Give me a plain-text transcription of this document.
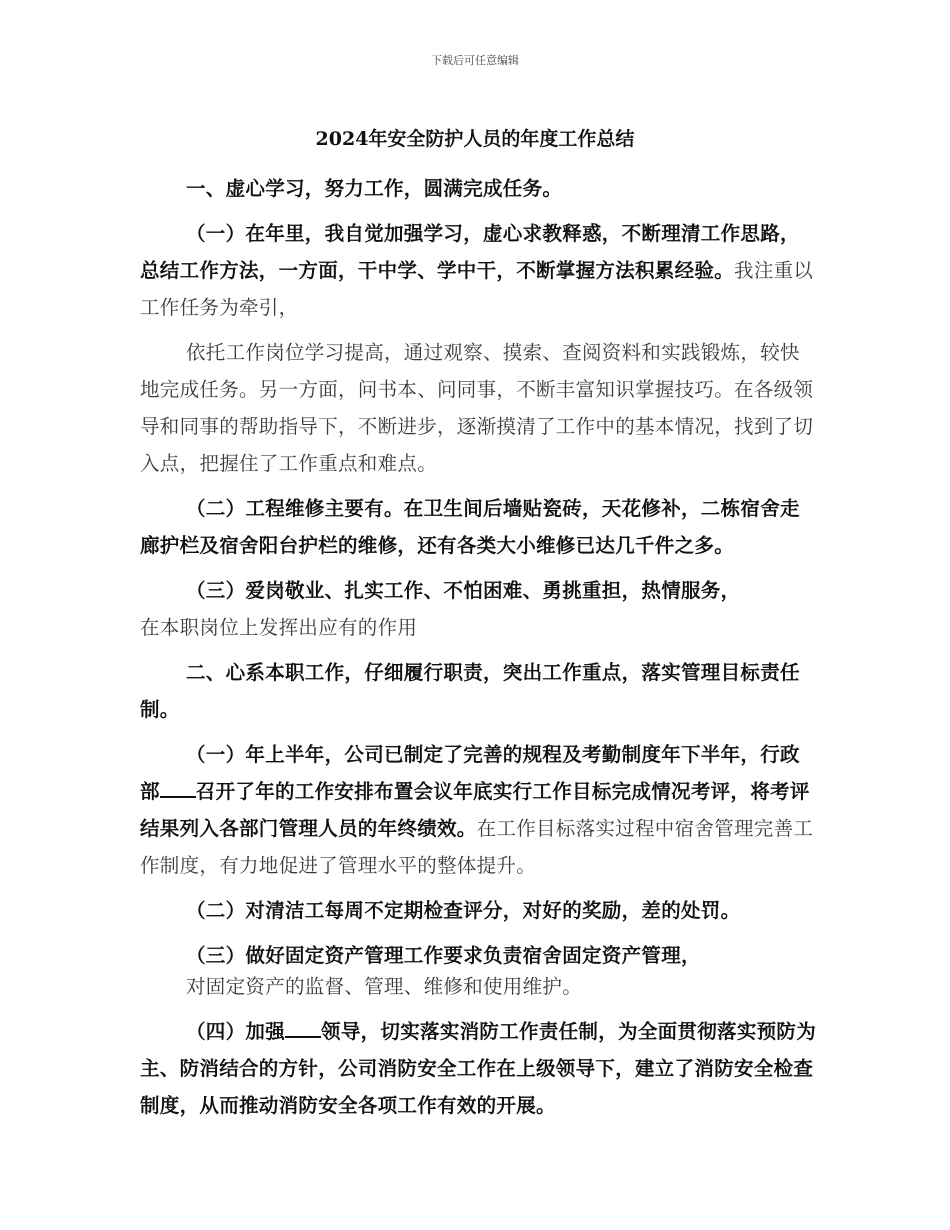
下载后可任意编辑
2024年安全防护人员的年度工作总结

一、虚心学习，努力工作，圆满完成任务。

（一）在年里，我自觉加强学习，虚心求教释惑，不断理清工作思路，总结工作方法，一方面，干中学、学中干，不断掌握方法积累经验。我注重以工作任务为牵引，

依托工作岗位学习提高，通过观察、摸索、查阅资料和实践锻炼，较快地完成任务。另一方面，问书本、问同事，不断丰富知识掌握技巧。在各级领导和同事的帮助指导下，不断进步，逐渐摸清了工作中的基本情况，找到了切入点，把握住了工作重点和难点。

（二）工程维修主要有。在卫生间后墙贴瓷砖，天花修补，二栋宿舍走廊护栏及宿舍阳台护栏的维修，还有各类大小维修已达几千件之多。

（三）爱岗敬业、扎实工作、不怕困难、勇挑重担，热情服务，

在本职岗位上发挥出应有的作用

二、心系本职工作，仔细履行职责，突出工作重点，落实管理目标责任制。

（一）年上半年，公司已制定了完善的规程及考勤制度年下半年，行政部 召开了年的工作安排布置会议年底实行工作目标完成情况考评，将考评结果列入各部门管理人员的年终绩效。在工作目标落实过程中宿舍管理完善工作制度，有力地促进了管理水平的整体提升。

（二）对清洁工每周不定期检查评分，对好的奖励，差的处罚。

（三）做好固定资产管理工作要求负责宿舍固定资产管理，

对固定资产的监督、管理、维修和使用维护。

（四）加强 领导，切实落实消防工作责任制，为全面贯彻落实预防为主、防消结合的方针，公司消防安全工作在上级领导下，建立了消防安全检查制度，从而推动消防安全各项工作有效的开展。
